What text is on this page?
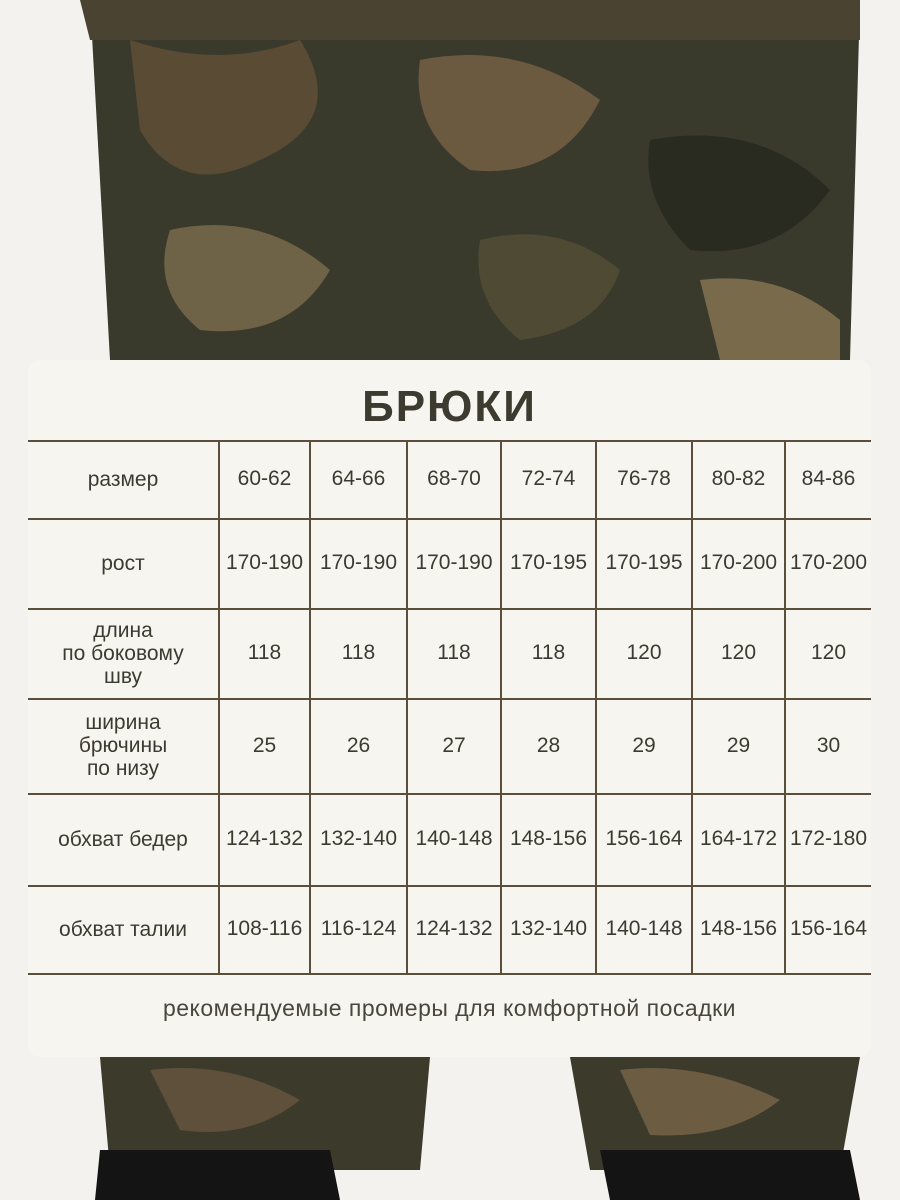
БРЮКИ
размер	60-62	64-66	68-70	72-74	76-78	80-82	84-86
рост	170-190 170-190 170-190 170-195 170-195 170-200 170-200
длина
по боковому
шву
118	118	118	118	120	120	120
ширина
брючины
по низу
25	26	27	28	29	29	30
обхват бедер	124-132 132-140 140-148 148-156 156-164 164-172 172-180
обхват талии	108-116 116-124 124-132 132-140 140-148 148-156 156-164
рекомендуемые промеры для комфортной посадки
